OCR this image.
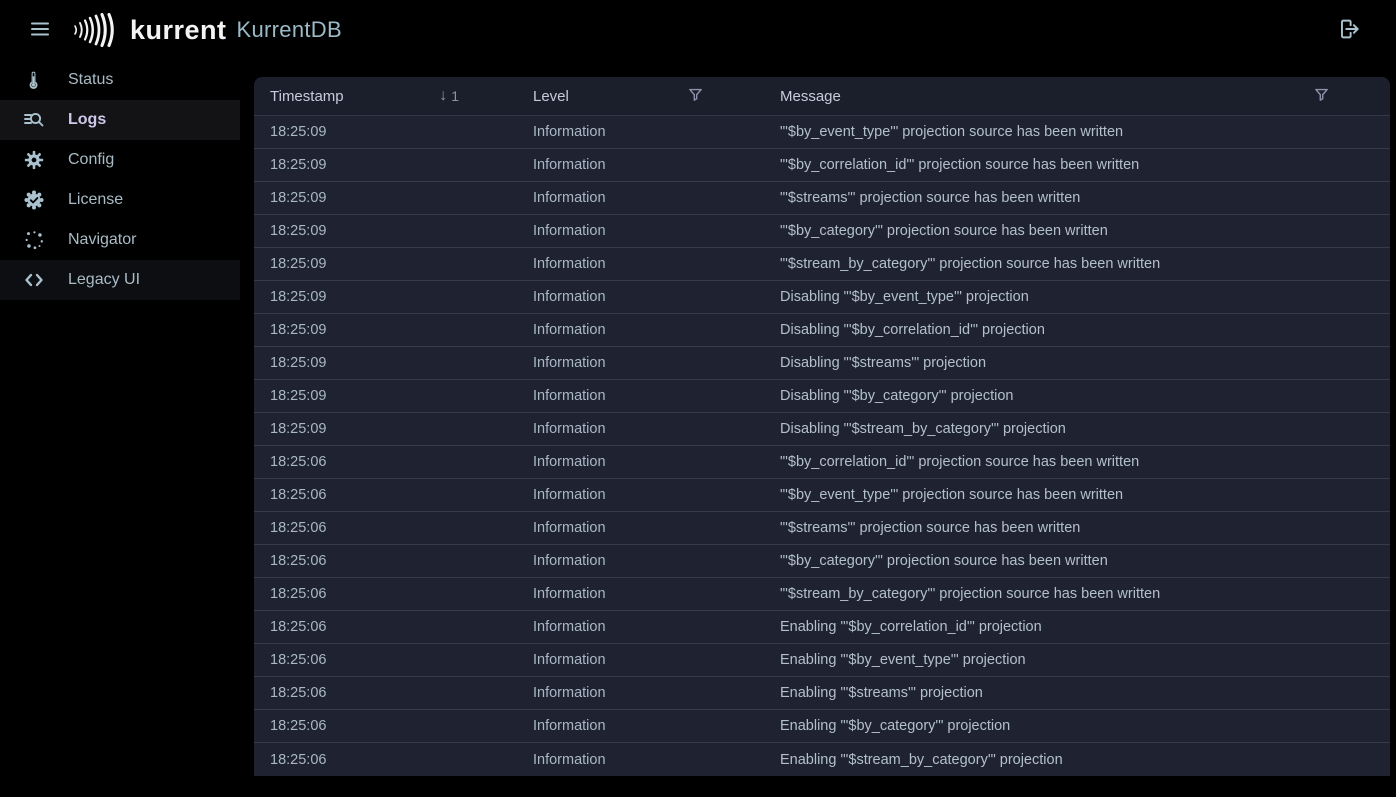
kurrent KurrentDB
Status
Logs
Config
License
Navigator
Legacy UI
Timestamp	↓ 1	Level	Message
18:25:09	Information	"'$by_event_type'" projection source has been written
18:25:09	Information	"'$by_correlation_id'" projection source has been written
18:25:09	Information	"'$streams'" projection source has been written
18:25:09	Information	"'$by_category'" projection source has been written
18:25:09	Information	"'$stream_by_category'" projection source has been written
18:25:09	Information	Disabling "'$by_event_type'" projection
18:25:09	Information	Disabling "'$by_correlation_id'" projection
18:25:09	Information	Disabling "'$streams'" projection
18:25:09	Information	Disabling "'$by_category'" projection
18:25:09	Information	Disabling "'$stream_by_category'" projection
18:25:06	Information	"'$by_correlation_id'" projection source has been written
18:25:06	Information	"'$by_event_type'" projection source has been written
18:25:06	Information	"'$streams'" projection source has been written
18:25:06	Information	"'$by_category'" projection source has been written
18:25:06	Information	"'$stream_by_category'" projection source has been written
18:25:06	Information	Enabling "'$by_correlation_id'" projection
18:25:06	Information	Enabling "'$by_event_type'" projection
18:25:06	Information	Enabling "'$streams'" projection
18:25:06	Information	Enabling "'$by_category'" projection
18:25:06	Information	Enabling "'$stream_by_category'" projection
